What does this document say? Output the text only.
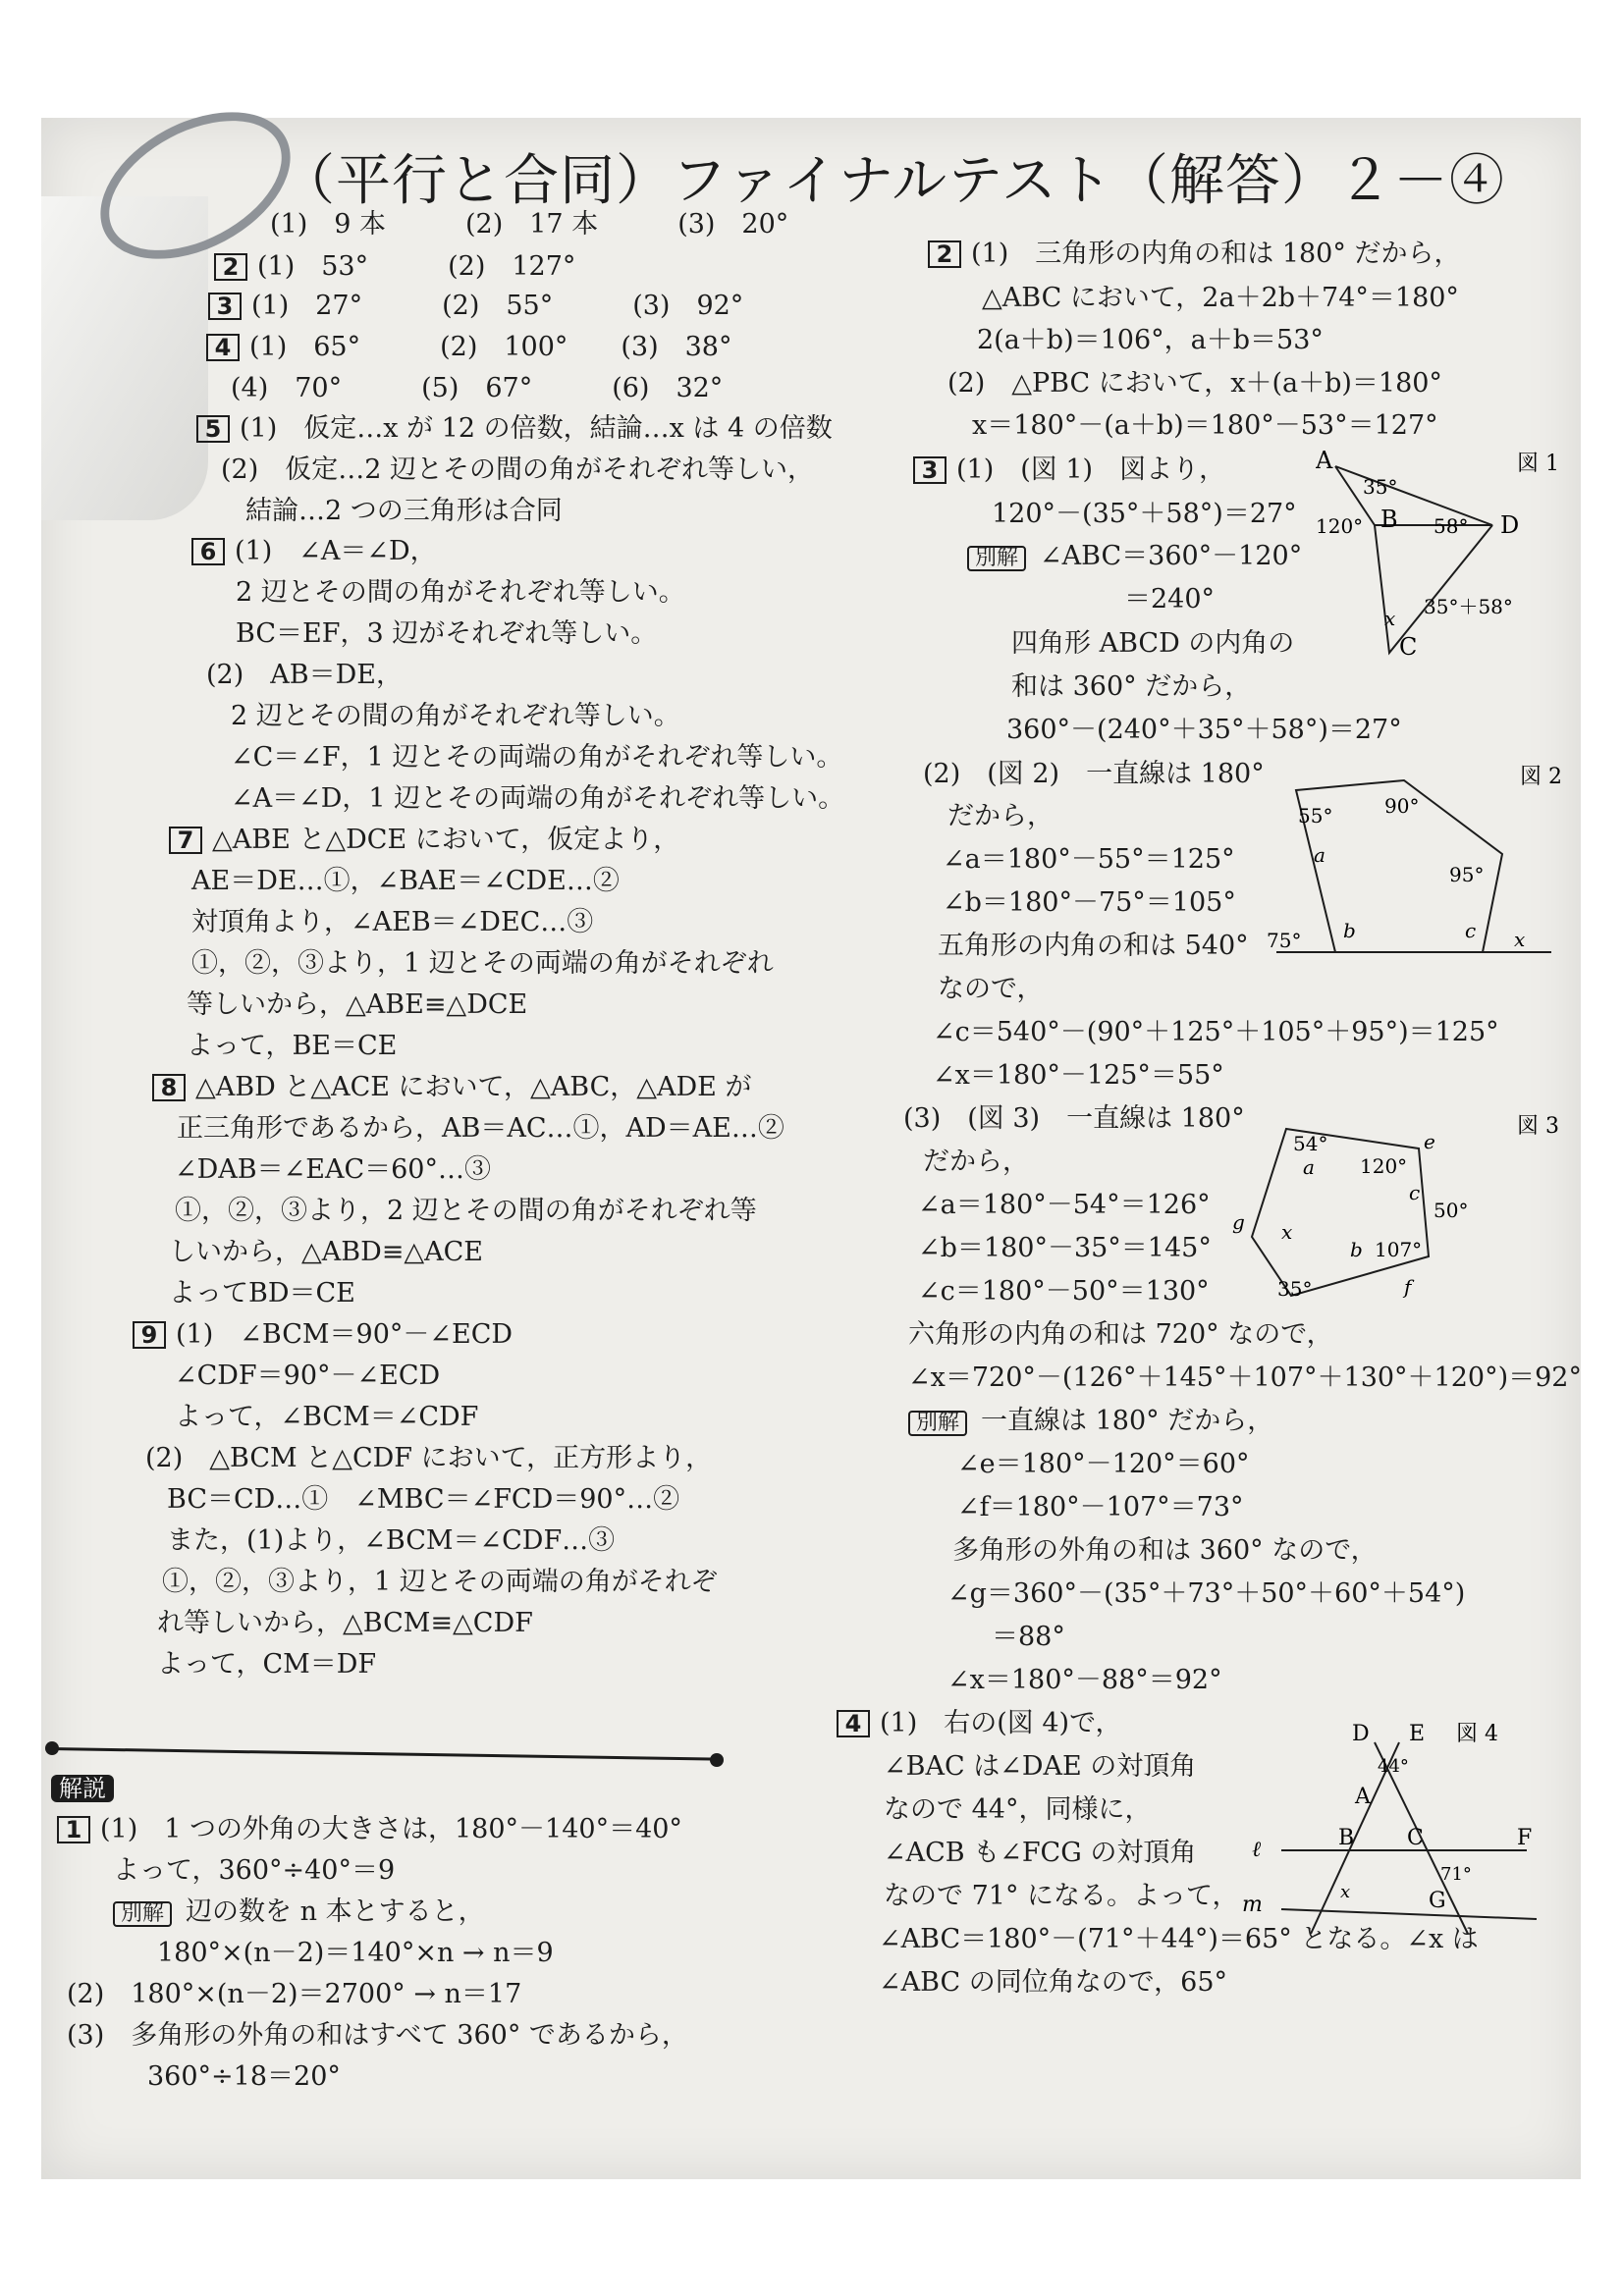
（平行と合同）ファイナルテスト（解答）２－④
(1)　9 本　　　(2)　17 本　　　(3)　20°
2 (1)　53°　　　(2)　127°
3 (1)　27°　　　(2)　55°　　　(3)　92°
4 (1)　65°　　　(2)　100°　　(3)　38°
(4)　70°　　　(5)　67°　　　(6)　32°
5 (1)　仮定…x が 12 の倍数，結論…x は 4 の倍数
(2)　仮定…2 辺とその間の角がそれぞれ等しい，
結論…2 つの三角形は合同
6 (1)　∠A＝∠D，
2 辺とその間の角がそれぞれ等しい。
BC＝EF，3 辺がそれぞれ等しい。
(2)　AB＝DE，
2 辺とその間の角がそれぞれ等しい。
∠C＝∠F，1 辺とその両端の角がそれぞれ等しい。
∠A＝∠D，1 辺とその両端の角がそれぞれ等しい。
7 △ABE と△DCE において，仮定より，
AE＝DE…①，∠BAE＝∠CDE…②
対頂角より，∠AEB＝∠DEC…③
①，②，③より，1 辺とその両端の角がそれぞれ
等しいから，△ABE≡△DCE
よって，BE＝CE
8 △ABD と△ACE において，△ABC，△ADE が
正三角形であるから，AB＝AC…①，AD＝AE…②
∠DAB＝∠EAC＝60°…③
①，②，③より，2 辺とその間の角がそれぞれ等
しいから，△ABD≡△ACE
よってBD＝CE
9 (1)　∠BCM＝90°－∠ECD
∠CDF＝90°－∠ECD
よって，∠BCM＝∠CDF
(2)　△BCM と△CDF において，正方形より，
BC＝CD…①　∠MBC＝∠FCD＝90°…②
また，(1)より，∠BCM＝∠CDF…③
①，②，③より，1 辺とその両端の角がそれぞ
れ等しいから，△BCM≡△CDF
よって，CM＝DF
2 (1)　三角形の内角の和は 180° だから，
△ABC において，2a＋2b＋74°＝180°
2(a＋b)＝106°，a＋b＝53°
(2)　△PBC において，x＋(a＋b)＝180°
x＝180°－(a＋b)＝180°－53°＝127°
3 (1)　(図 1)　図より，
120°－(35°＋58°)＝27°
別解 ∠ABC＝360°－120°
＝240°
四角形 ABCD の内角の
和は 360° だから，
360°－(240°＋35°＋58°)＝27°
(2)　(図 2)　一直線は 180°
だから，
∠a＝180°－55°＝125°
∠b＝180°－75°＝105°
五角形の内角の和は 540°
なので，
∠c＝540°－(90°＋125°＋105°＋95°)＝125°
∠x＝180°－125°＝55°
(3)　(図 3)　一直線は 180°
だから，
∠a＝180°－54°＝126°
∠b＝180°－35°＝145°
∠c＝180°－50°＝130°
六角形の内角の和は 720° なので，
∠x＝720°－(126°＋145°＋107°＋130°＋120°)＝92°
別解 一直線は 180° だから，
∠e＝180°－120°＝60°
∠f＝180°－107°＝73°
多角形の外角の和は 360° なので，
∠g＝360°－(35°＋73°＋50°＋60°＋54°)
＝88°
∠x＝180°－88°＝92°
4 (1)　右の(図 4)で，
∠BAC は∠DAE の対頂角
なので 44°，同様に，
∠ACB も∠FCG の対頂角
なので 71° になる。よって，
∠ABC＝180°－(71°＋44°)＝65° となる。∠x は
∠ABC の同位角なので，65°
解説
1 (1)　1 つの外角の大きさは，180°－140°＝40°
よって，360°÷40°＝9
別解 辺の数を n 本とすると，
180°×(n－2)＝140°×n → n＝9
(2)　180°×(n－2)＝2700° → n＝17
(3)　多角形の外角の和はすべて 360° であるから，
360°÷18＝20°
A
B	D
C
35°
120°	58°
35°＋58°
x
図 1
55°	90°
95°
75°
a
b	c x
図 2
54°
120°
50°
107°
35°
a
b
c
e
f
g x
図 3
D E
A
B C	F
G
ℓ
m
44°
71°
x
図 4
